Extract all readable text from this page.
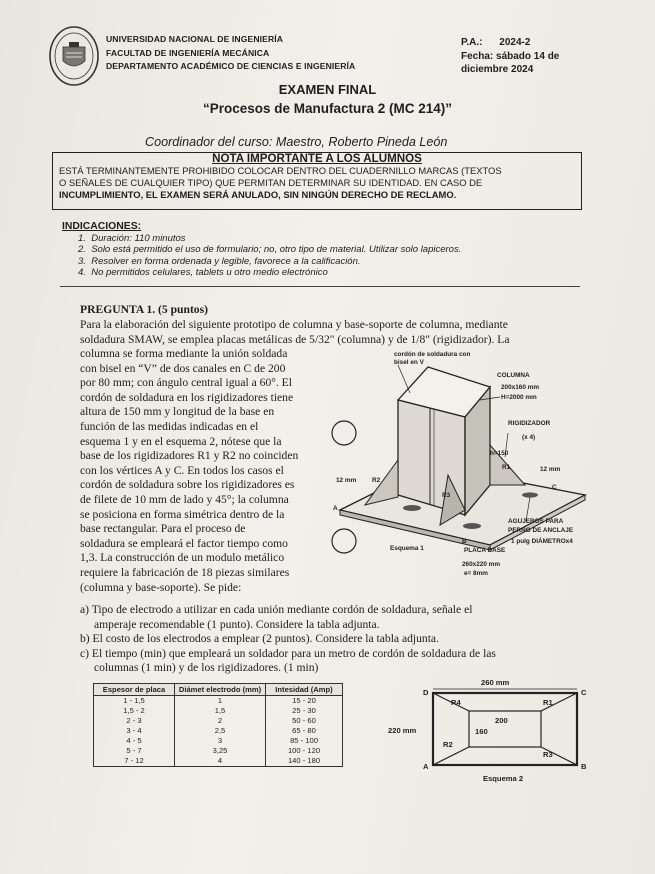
UNIVERSIDAD NACIONAL DE INGENIERÍA
FACULTAD DE INGENIERÍA MECÁNICA
DEPARTAMENTO ACADÉMICO DE CIENCIAS E INGENIERÍA
P.A.: 2024-2
Fecha: sábado 14 de
diciembre 2024
EXAMEN FINAL
“Procesos de Manufactura 2 (MC 214)”
Coordinador del curso: Maestro, Roberto Pineda León
NOTA IMPORTANTE A LOS ALUMNOS
ESTÁ TERMINANTEMENTE PROHIBIDO COLOCAR DENTRO DEL CUADERNILLO MARCAS (TEXTOS
O SEÑALES DE CUALQUIER TIPO) QUE PERMITAN DETERMINAR SU IDENTIDAD. EN CASO DE
INCUMPLIMIENTO, EL EXAMEN SERÁ ANULADO, SIN NINGÚN DERECHO DE RECLAMO.
INDICACIONES:
1.  Duración: 110 minutos
2.  Solo está permitido el uso de formulario; no, otro tipo de material. Utilizar solo lapiceros.
3.  Resolver en forma ordenada y legible, favorece a la calificación.
4.  No permitidos celulares, tablets u otro medio electrónico
PREGUNTA 1. (5 puntos)
Para la elaboración del siguiente prototipo de columna y base-soporte de columna, mediante
soldadura SMAW, se emplea placas metálicas de 5/32" (columna) y de 1/8" (rigidizador). La
columna se forma mediante la unión soldada
con bisel en “V” de dos canales en C de 200
por 80 mm; con ángulo central igual a 60°. El
cordón de soldadura en los rigidizadores tiene
altura de 150 mm y longitud de la base en
función de las medidas indicadas en el
esquema 1 y en el esquema 2, nótese que la
base de los rigidizadores R1 y R2 no coinciden
con los vértices A y C. En todos los casos el
cordón de soldadura sobre los rigidizadores es
de filete de 10 mm de lado y 45°; la columna
se posiciona en forma simétrica dentro de la
base rectangular. Para el proceso de
soldadura se empleará el factor tiempo como
1,3. La construcción de un modulo metálico
requiere la fabricación de 18 piezas similares
(columna y base-soporte). Se pide:
a) Tipo de electrodo a utilizar en cada unión mediante cordón de soldadura, señale el
amperaje recomendable (1 punto). Considere la tabla adjunta.
b) El costo de los electrodos a emplear (2 puntos). Considere la tabla adjunta.
c) El tiempo (min) que empleará un soldador para un metro de cordón de soldadura de las
columnas (1 min) y de los rigidizadores. (1 min)
Espesor de placa	Diámet electrodo (mm)	Intesidad (Amp)
1 - 1,5	1	15 - 20
1,5 - 2	1,5	25 - 30
2 - 3	2	50 - 60
3 - 4	2,5	65 - 80
4 - 5	3	85 - 100
5 - 7	3,25	100 - 120
7 - 12	4	140 - 180
cordón de soldadura con
bisel en V
COLUMNA
200x160 mm
H=2000 mm
RIGIDIZADOR
(x 4)
h=150
R1	12 mm
C
12 mm R2
R3
A
AGUJEROS PARA
PERNO DE ANCLAJE
1 pulg DIÁMETROx4
B
PLACA BASE
260x220 mm
e= 8mm
Esquema 1
260 mm
220 mm
200
160
D	C
A	B
R1
R2
R3
R4
Esquema 2
